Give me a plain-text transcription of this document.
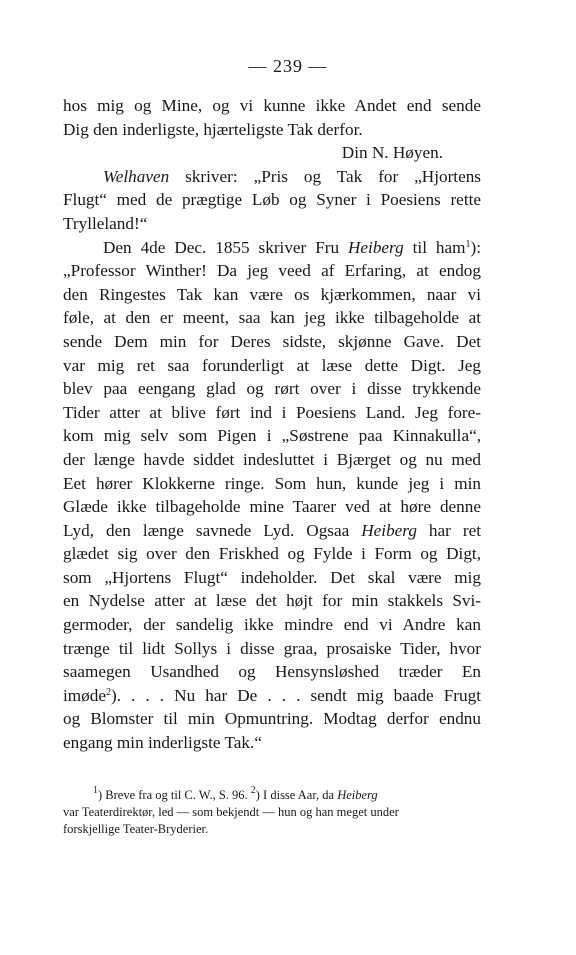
— 239 —

hos mig og Mine, og vi kunne ikke Andet end sende

Dig den inderligste, hjærteligste Tak derfor.

Din N. Høyen.

Welhaven skriver: „Pris og Tak for „Hjortens

Flugt“ med de prægtige Løb og Syner i Poesiens rette

Trylleland!“

Den 4de Dec. 1855 skriver Fru Heiberg til ham$^1$):

„Professor Winther! Da jeg veed af Erfaring, at endog

den Ringestes Tak kan være os kjærkommen, naar vi

føle, at den er meent, saa kan jeg ikke tilbageholde at

sende Dem min for Deres sidste, skjønne Gave. Det

var mig ret saa forunderligt at læse dette Digt. Jeg

blev paa eengang glad og rørt over i disse trykkende

Tider atter at blive ført ind i Poesiens Land. Jeg fore-

kom mig selv som Pigen i „Søstrene paa Kinnakulla“,

der længe havde siddet indesluttet i Bjærget og nu med

Eet hører Klokkerne ringe. Som hun, kunde jeg i min

Glæde ikke tilbageholde mine Taarer ved at høre denne

Lyd, den længe savnede Lyd. Ogsaa Heiberg har ret

glædet sig over den Friskhed og Fylde i Form og Digt,

som „Hjortens Flugt“ indeholder. Det skal være mig

en Nydelse atter at læse det højt for min stakkels Svi-

germoder, der sandelig ikke mindre end vi Andre kan

trænge til lidt Sollys i disse graa, prosaiske Tider, hvor

saamegen Usandhed og Hensynsløshed træder En

imøde$^2$). . . . Nu har De . . . sendt mig baade Frugt

og Blomster til min Opmuntring. Modtag derfor endnu

engang min inderligste Tak.“

$^1$) Breve fra og til C. W., S. 96. $^2$) I disse Aar, da Heiberg
var Teaterdirektør, led — som bekjendt — hun og han meget under
forskjellige Teater-Bryderier.
